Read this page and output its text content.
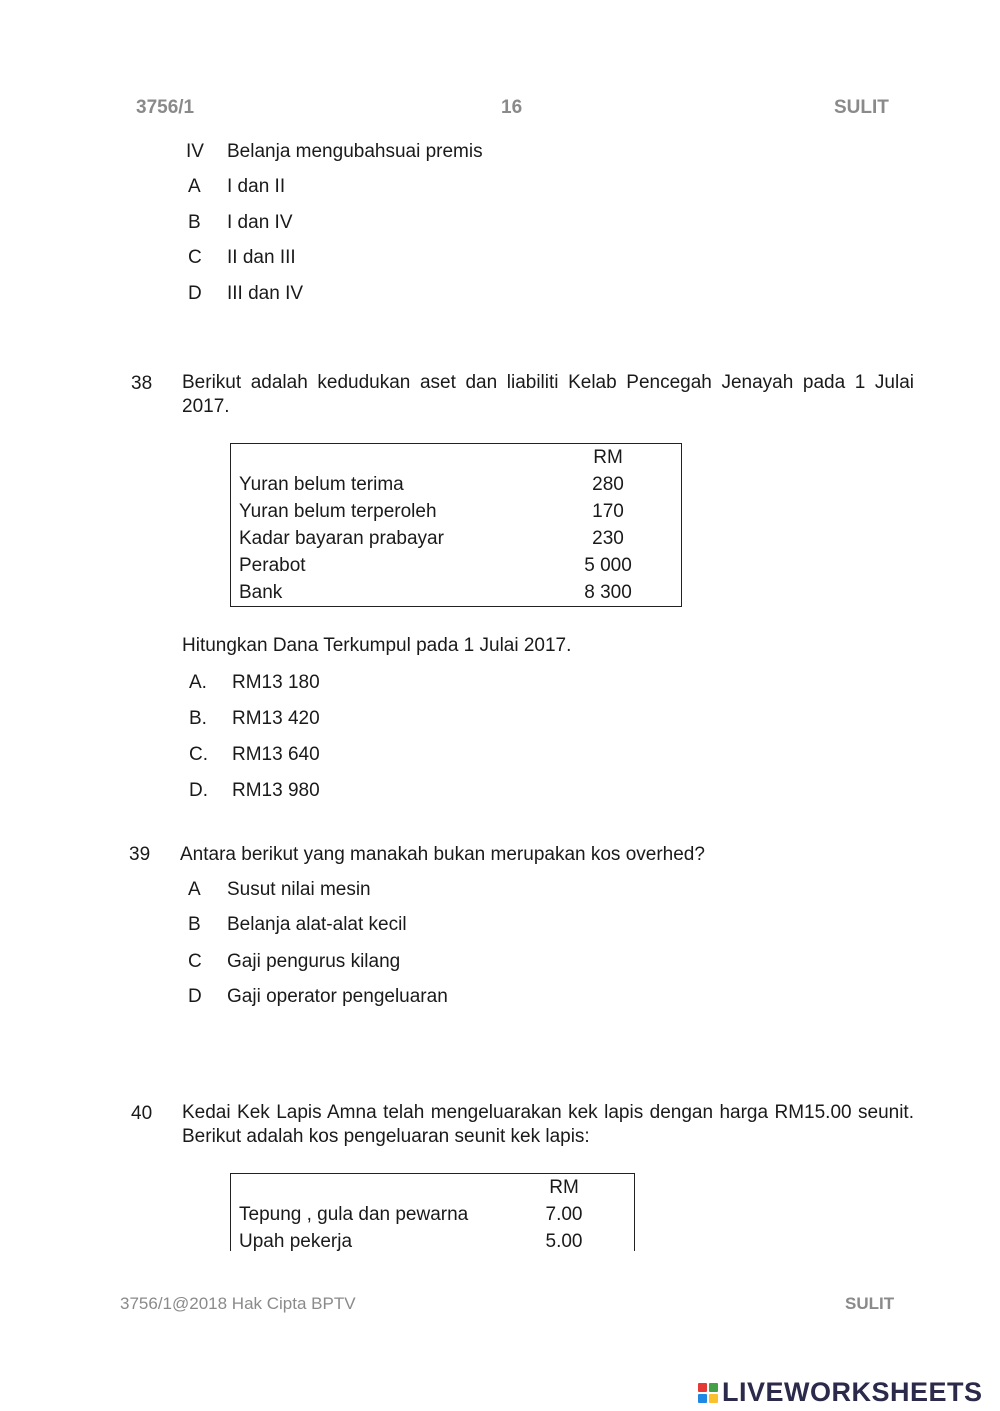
3756/1	16	SULIT
IV Belanja mengubahsuai premis
A I dan II
B I dan IV
C II dan III
D III dan IV
38 Berikut adalah kedudukan aset dan liabiliti Kelab Pencegah Jenayah pada 1 Julai 2017.
	RM
Yuran belum terima	280
Yuran belum terperoleh	170
Kadar bayaran prabayar	230
Perabot	5 000
Bank	8 300
Hitungkan Dana Terkumpul pada 1 Julai 2017.
A. RM13 180
B. RM13 420
C. RM13 640
D. RM13 980
39 Antara berikut yang manakah bukan merupakan kos overhed?
A Susut nilai mesin
B Belanja alat-alat kecil
C Gaji pengurus kilang
D Gaji operator pengeluaran
40 Kedai Kek Lapis Amna telah mengeluarakan kek lapis dengan harga RM15.00 seunit. Berikut adalah kos pengeluaran seunit kek lapis:
	RM
Tepung , gula dan pewarna	7.00
Upah pekerja	5.00
3756/1@2018 Hak Cipta BPTV	SULIT
LIVEWORKSHEETS
